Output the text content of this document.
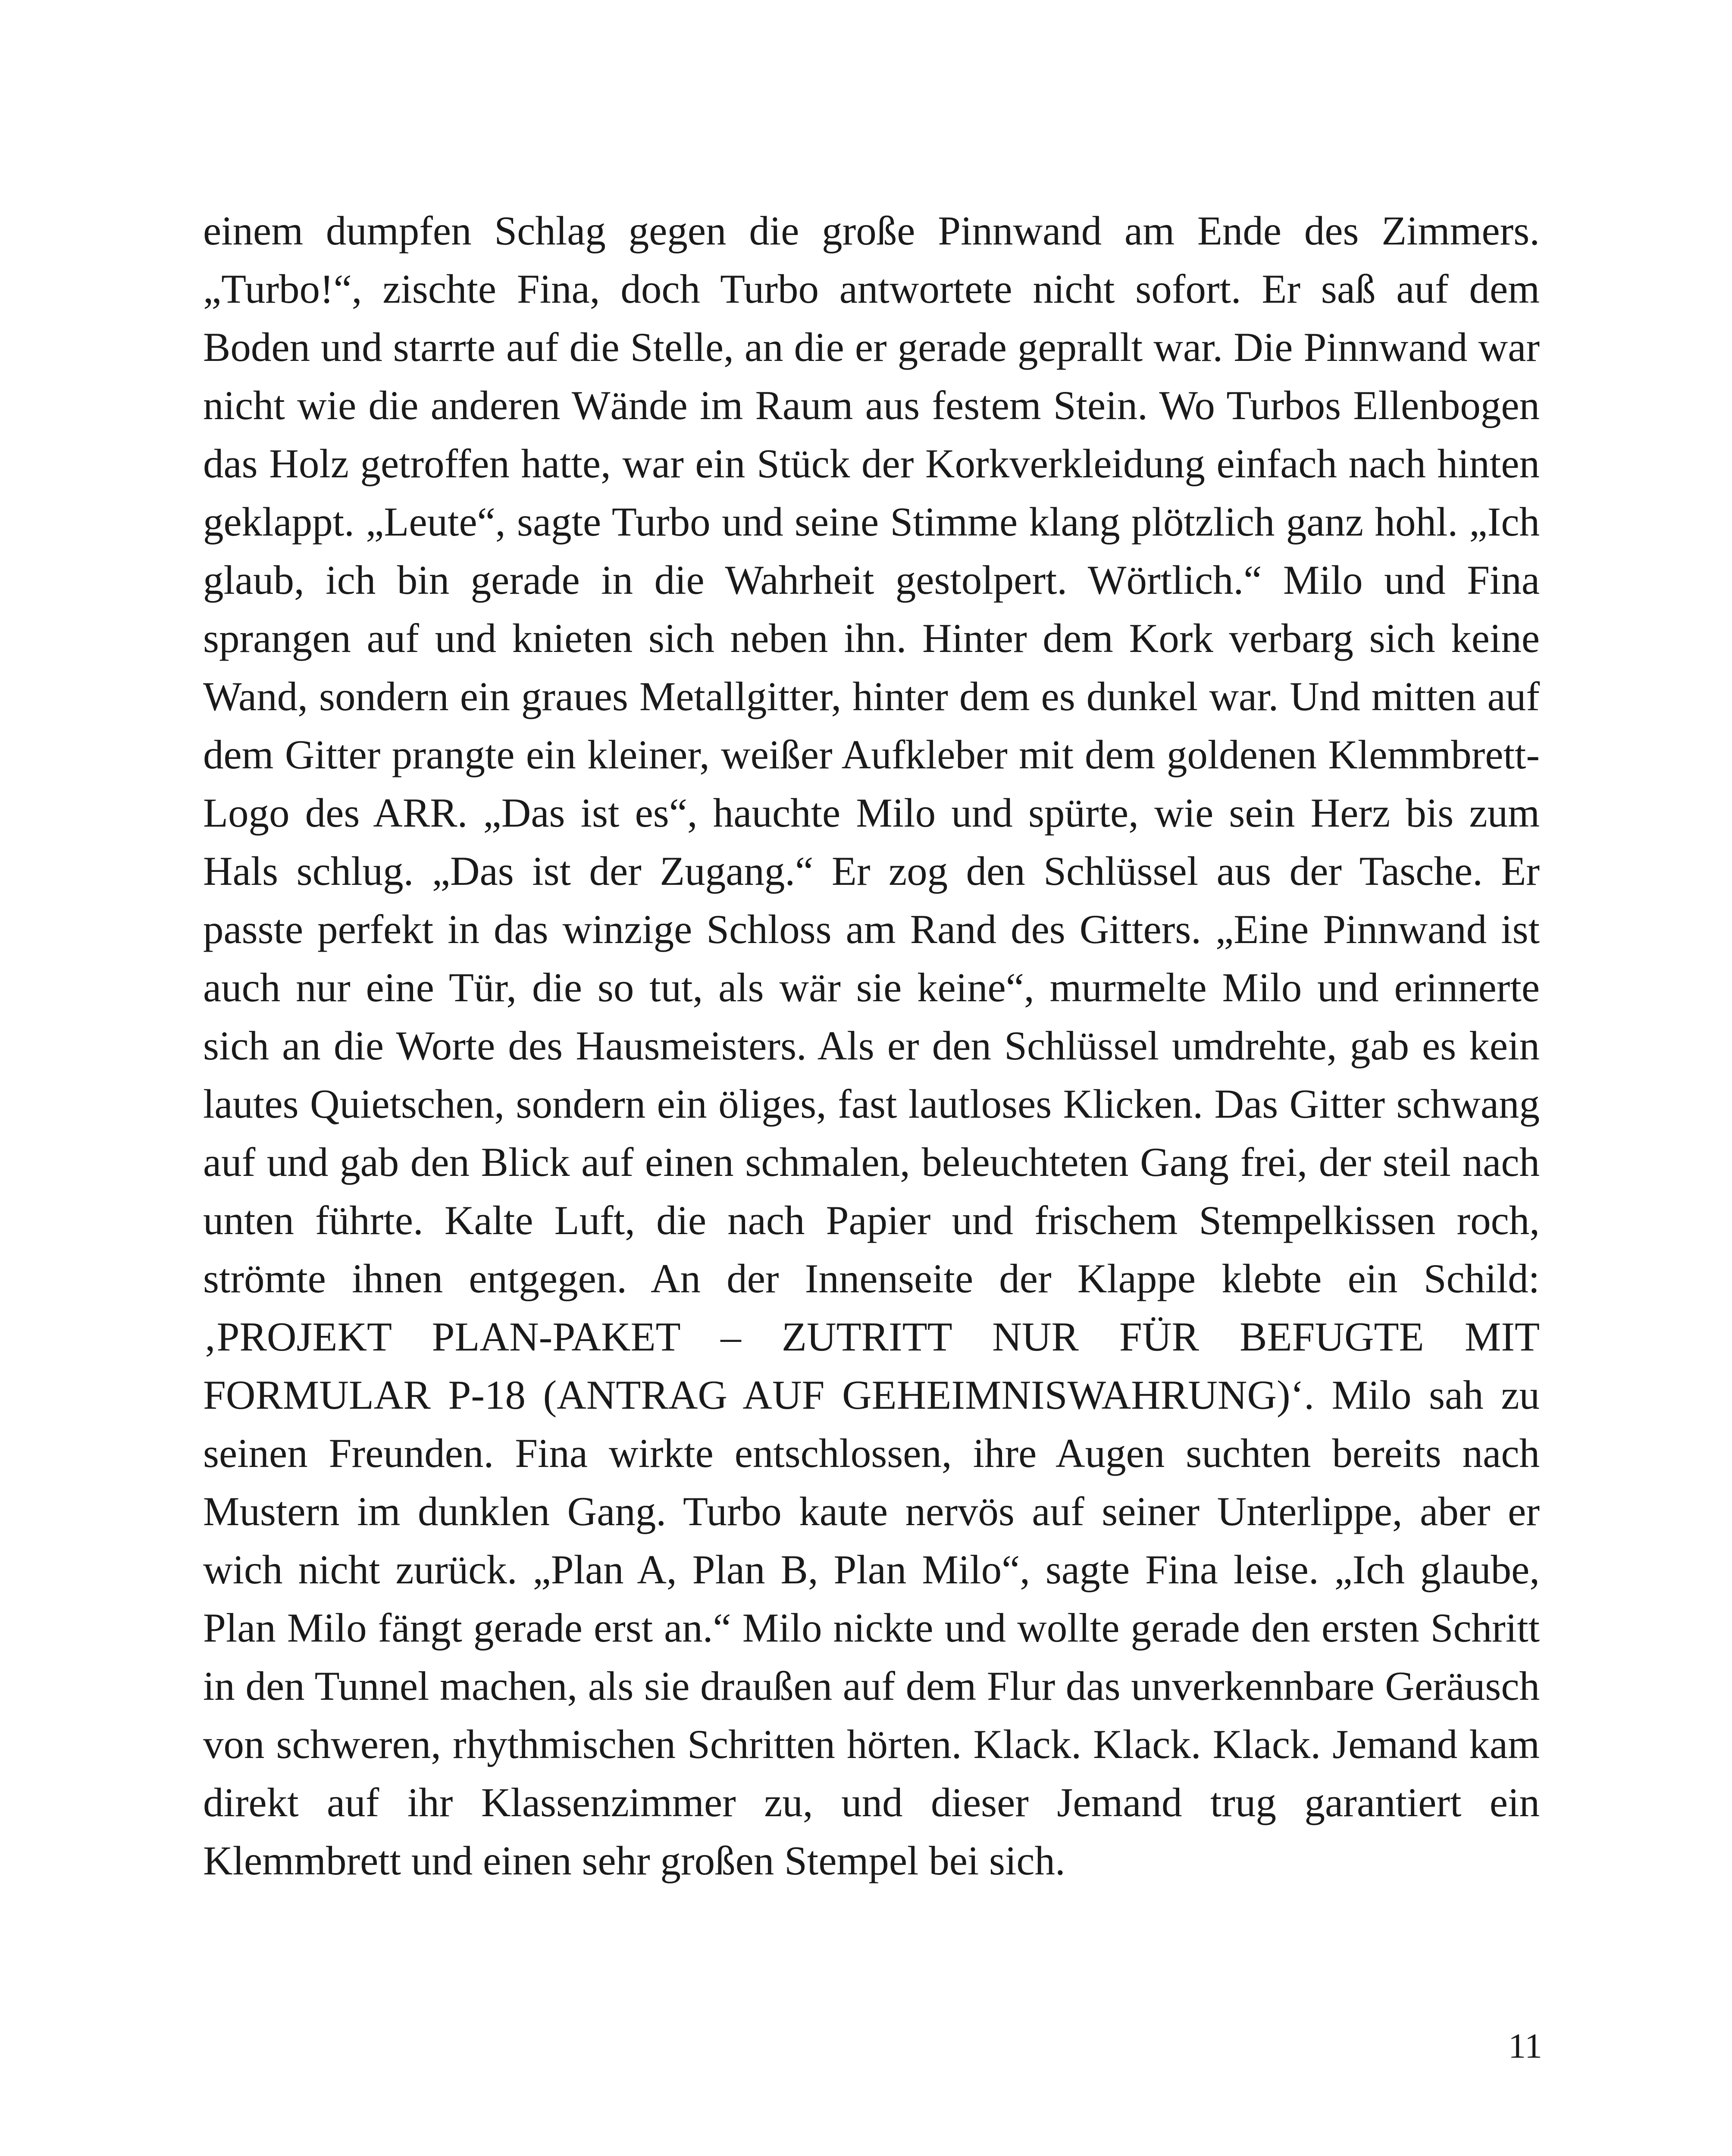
einem dumpfen Schlag gegen die große Pinnwand am Ende des Zimmers. „Turbo!“, zischte Fina, doch Turbo antwortete nicht sofort. Er saß auf dem Boden und starrte auf die Stelle, an die er gerade geprallt war. Die Pinnwand war nicht wie die anderen Wände im Raum aus festem Stein. Wo Turbos Ellenbogen das Holz getroffen hatte, war ein Stück der Korkverkleidung einfach nach hinten geklappt. „Leute“, sagte Turbo und seine Stimme klang plötzlich ganz hohl. „Ich glaub, ich bin gerade in die Wahrheit gestolpert. Wörtlich.“ Milo und Fina sprangen auf und knieten sich neben ihn. Hinter dem Kork verbarg sich keine Wand, sondern ein graues Metallgitter, hinter dem es dunkel war. Und mitten auf dem Gitter prangte ein kleiner, weißer Aufkleber mit dem goldenen Klemmbrett-Logo des ARR. „Das ist es“, hauchte Milo und spürte, wie sein Herz bis zum Hals schlug. „Das ist der Zugang.“ Er zog den Schlüssel aus der Tasche. Er passte perfekt in das winzige Schloss am Rand des Gitters. „Eine Pinnwand ist auch nur eine Tür, die so tut, als wär sie keine“, murmelte Milo und erinnerte sich an die Worte des Hausmeisters. Als er den Schlüssel umdrehte, gab es kein lautes Quietschen, sondern ein öliges, fast lautloses Klicken. Das Gitter schwang auf und gab den Blick auf einen schmalen, beleuchteten Gang frei, der steil nach unten führte. Kalte Luft, die nach Papier und frischem Stempelkissen roch, strömte ihnen entgegen. An der Innenseite der Klappe klebte ein Schild: ‚PROJEKT PLAN-PAKET – ZUTRITT NUR FÜR BEFUGTE MIT FORMULAR P-18 (ANTRAG AUF GEHEIMNISWAHRUNG)‘. Milo sah zu seinen Freunden. Fina wirkte entschlossen, ihre Augen suchten bereits nach Mustern im dunklen Gang. Turbo kaute nervös auf seiner Unterlippe, aber er wich nicht zurück. „Plan A, Plan B, Plan Milo“, sagte Fina leise. „Ich glaube, Plan Milo fängt gerade erst an.“ Milo nickte und wollte gerade den ersten Schritt in den Tunnel machen, als sie draußen auf dem Flur das unverkennbare Geräusch von schweren, rhythmischen Schritten hörten. Klack. Klack. Klack. Jemand kam direkt auf ihr Klassenzimmer zu, und dieser Jemand trug garantiert ein Klemmbrett und einen sehr großen Stempel bei sich.

11
